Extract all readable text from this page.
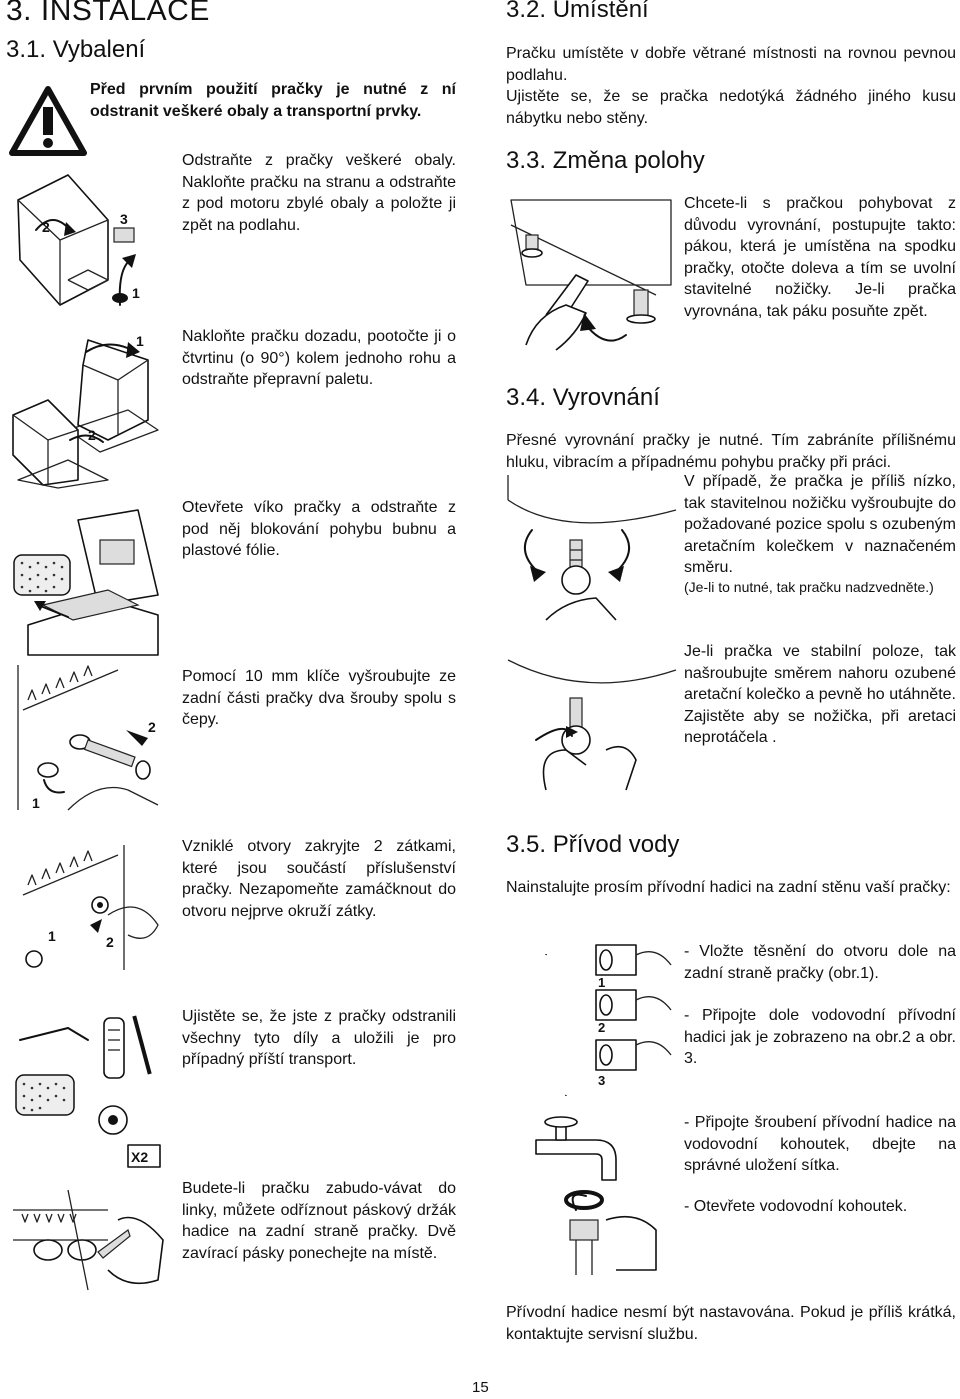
3. INSTALACE
3.1. Vybalení
Před prvním použití pračky je nutné z ní odstranit veškeré obaly a transportní prvky.
Odstraňte z pračky veškeré obaly. Nakloňte pračku na stranu a odstraňte z pod motoru zbylé obaly a položte ji zpět na podlahu.
Nakloňte pračku dozadu, pootočte ji o čtvrtinu (o 90°) kolem jednoho rohu a odstraňte přepravní paletu.
Otevřete víko pračky a odstraňte z pod něj blokování pohybu bubnu a plastové fólie.
Pomocí 10 mm klíče vyšroubujte ze zadní části pračky dva šrouby spolu s čepy.
Vzniklé otvory zakryjte 2 zátkami, které jsou součástí příslušenství pračky. Nezapomeňte zamáčknout do otvoru nejprve okruží zátky.
Ujistěte se, že jste z pračky odstranili všechny tyto díly a uložili je pro případný příští transport.
Budete-li pračku zabudo-vávat do linky, můžete odříznout páskový držák hadice na zadní straně pračky. Dvě zavírací pásky ponechejte na místě.
3.2. Umístění
Pračku umístěte v dobře větrané místnosti na rovnou pevnou podlahu.
Ujistěte se, že se pračka nedotýká žádného jiného kusu nábytku nebo stěny.
3.3. Změna polohy
Chcete-li s pračkou pohybovat z důvodu vyrovnání, postupujte takto: pákou, která je umístěna na spodku pračky, otočte doleva a tím se uvolní stavitelné nožičky. Je-li pračka vyrovnána, tak páku posuňte zpět.
3.4. Vyrovnání
Přesné vyrovnání pračky je nutné. Tím zabráníte přílišnému hluku, vibracím a případnému pohybu pračky při práci.
V případě, že pračka je příliš nízko, tak stavitelnou nožičku vyšroubujte do požadované pozice spolu s ozubeným aretačním kolečkem v naznačeném směru.
(Je-li to nutné, tak pračku nadzvedněte.)
Je-li pračka ve stabilní poloze, tak našroubujte směrem nahoru ozubené aretační kolečko a pevně ho utáhněte. Zajistěte aby se nožička, při aretaci neprotáčela .
3.5. Přívod vody
Nainstalujte prosím přívodní hadici na zadní stěnu vaší pračky:
- Vložte těsnění do otvoru dole na zadní straně pračky (obr.1).
- Připojte dole vodovodní přívodní hadici jak je zobrazeno na obr.2 a obr. 3.
- Připojte šroubení přívodní hadice na vodovodní kohoutek, dbejte na správné uložení sítka.
- Otevřete vodovodní kohoutek.
Přívodní hadice nesmí být nastavována. Pokud je příliš krátká, kontaktujte servisní službu.
15
2	3
1
1
2
2
1
1	2
X2
1
2
3
